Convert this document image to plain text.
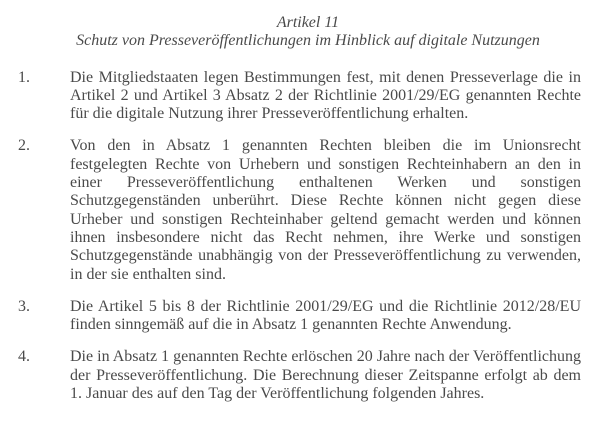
Artikel 11
Schutz von Presseveröffentlichungen im Hinblick auf digitale Nutzungen
1.	Die Mitgliedstaaten legen Bestimmungen fest, mit denen Presseverlage die in Artikel 2 und Artikel 3 Absatz 2 der Richtlinie 2001/29/EG genannten Rechte für die digitale Nutzung ihrer Presseveröffentlichung erhalten.
2.	Von den in Absatz 1 genannten Rechten bleiben die im Unionsrecht festgelegten Rechte von Urhebern und sonstigen Rechteinhabern an den in einer Presseveröffentlichung enthaltenen Werken und sonstigen Schutzgegenständen unberührt. Diese Rechte können nicht gegen diese Urheber und sonstigen Rechteinhaber geltend gemacht werden und können ihnen insbesondere nicht das Recht nehmen, ihre Werke und sonstigen Schutzgegenstände unabhängig von der Presseveröffentlichung zu verwenden, in der sie enthalten sind.
3.	Die Artikel 5 bis 8 der Richtlinie 2001/29/EG und die Richtlinie 2012/28/EU finden sinngemäß auf die in Absatz 1 genannten Rechte Anwendung.
4.	Die in Absatz 1 genannten Rechte erlöschen 20 Jahre nach der Veröffentlichung der Presseveröffentlichung. Die Berechnung dieser Zeitspanne erfolgt ab dem 1. Januar des auf den Tag der Veröffentlichung folgenden Jahres.
